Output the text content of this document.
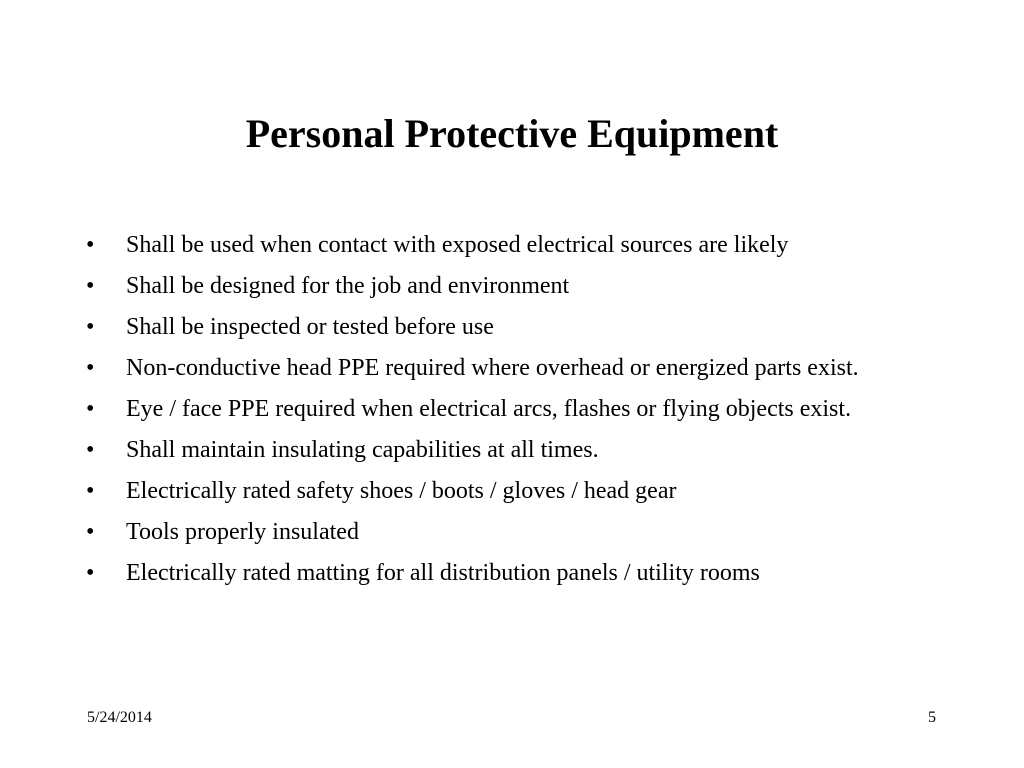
Personal Protective Equipment
•	Shall be used when contact with exposed electrical sources are likely
•	Shall be designed for the job and environment
•	Shall be inspected or tested before use
•	Non-conductive head PPE required where overhead or energized parts exist.
•	Eye / face PPE required when electrical arcs, flashes or flying objects exist.
•	Shall maintain insulating capabilities at all times.
•	Electrically rated safety shoes / boots / gloves / head gear
•	Tools properly insulated
•	Electrically rated matting for all distribution panels / utility rooms
5/24/2014	5
